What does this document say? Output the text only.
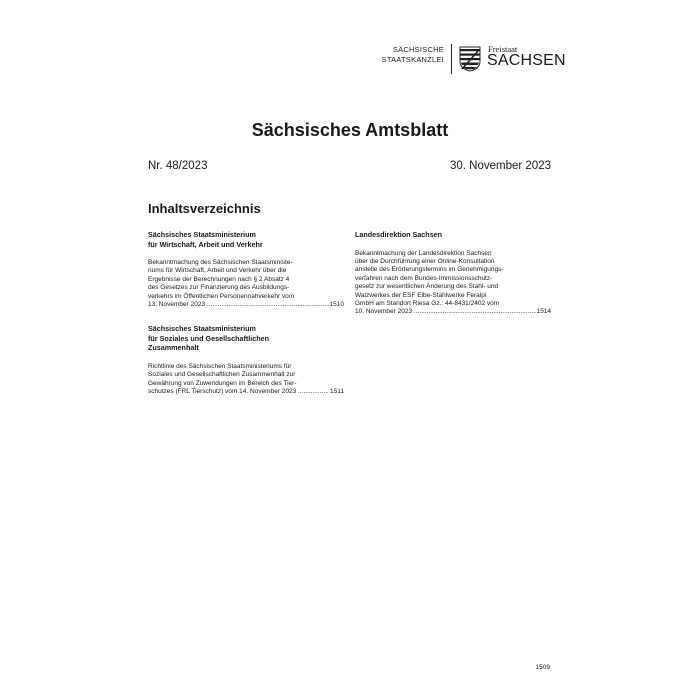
SÄCHSISCHE
STAATSKANZLEI
Freistaat
SACHSEN
Sächsisches Amtsblatt
Nr. 48/2023	30. November 2023
Inhaltsverzeichnis

Sächsisches Staatsministerium
für Wirtschaft, Arbeit und Verkehr

Bekanntmachung des Sächsischen Staatsministe-
riums für Wirtschaft, Arbeit und Verkehr über die
Ergebnisse der Berechnungen nach § 2 Absatz 4
des Gesetzes zur Finanzierung des Ausbildungs-
verkehrs im Öffentlichen Personennahverkehr vom

1510
13. November 2023 .....

Sächsisches Staatsministerium
für Soziales und Gesellschaftlichen
Zusammenhalt

Richtlinie des Sächsischen Staatsministeriums für
Soziales und Gesellschaftlichen Zusammenhalt zur
Gewährung von Zuwendungen im Bereich des Tier-

1511
schutzes (FRL Tierschutz) vom 14. November 2023 .....

Landesdirektion Sachsen

Bekanntmachung der Landesdirektion Sachsen
über die Durchführung einer Online-Konsultation
anstelle des Erörterungstermins im Genehmigungs-
verfahren nach dem Bundes-Immissionsschutz-
gesetz zur wesentlichen Änderung des Stahl- und
Walzwerkes der ESF Elbe-Stahlwerke Feralpi
GmbH am Standort Riesa Gz.: 44-8431/2402 vom

1514
10. November 2023 .....

1509
